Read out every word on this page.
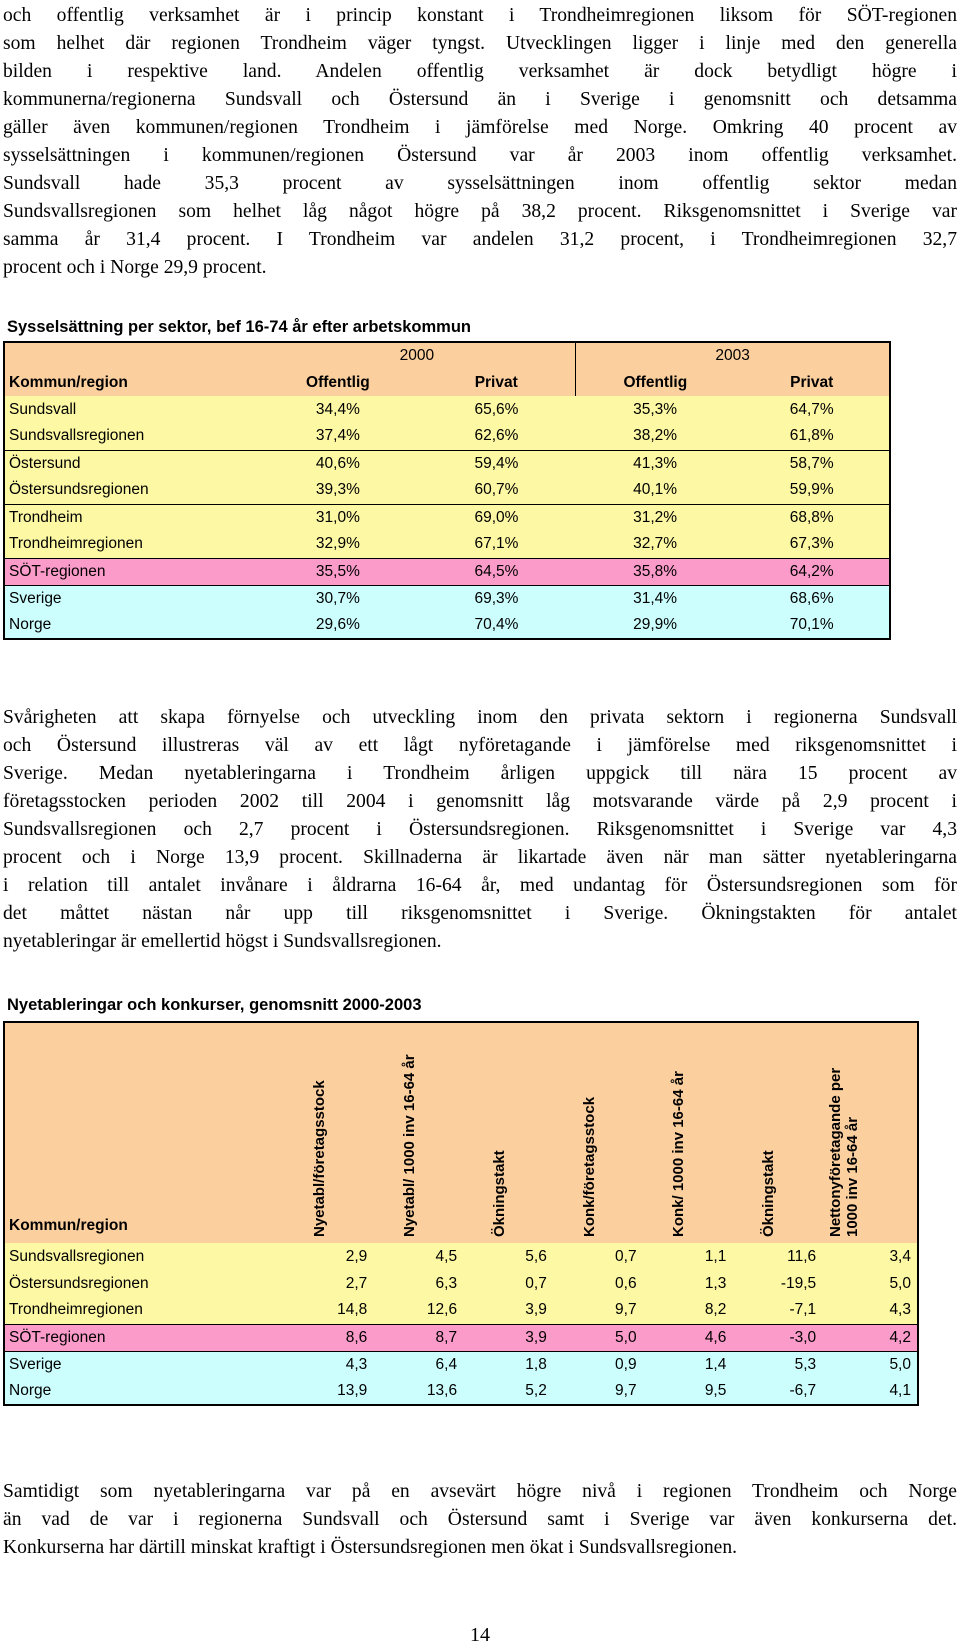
och offentlig verksamhet är i princip konstant i Trondheimregionen liksom för SÖT-regionen
som helhet där regionen Trondheim väger tyngst. Utvecklingen ligger i linje med den generella
bilden i respektive land. Andelen offentlig verksamhet är dock betydligt högre i
kommunerna/regionerna Sundsvall och Östersund än i Sverige i genomsnitt och detsamma
gäller även kommunen/regionen Trondheim i jämförelse med Norge. Omkring 40 procent av
sysselsättningen i kommunen/regionen Östersund var år 2003 inom offentlig verksamhet.
Sundsvall hade 35,3 procent av sysselsättningen inom offentlig sektor medan
Sundsvallsregionen som helhet låg något högre på 38,2 procent. Riksgenomsnittet i Sverige var
samma år 31,4 procent. I Trondheim var andelen 31,2 procent, i Trondheimregionen 32,7
procent och i Norge 29,9 procent.
Sysselsättning per sektor, bef 16-74 år efter arbetskommun
	2000		2003	
Kommun/region	Offentlig	Privat	Offentlig	Privat
Sundsvall	34,4%	65,6%	35,3%	64,7%
Sundsvallsregionen	37,4%	62,6%	38,2%	61,8%
Östersund	40,6%	59,4%	41,3%	58,7%
Östersundsregionen	39,3%	60,7%	40,1%	59,9%
Trondheim	31,0%	69,0%	31,2%	68,8%
Trondheimregionen	32,9%	67,1%	32,7%	67,3%
SÖT-regionen	35,5%	64,5%	35,8%	64,2%
Sverige	30,7%	69,3%	31,4%	68,6%
Norge	29,6%	70,4%	29,9%	70,1%
Svårigheten att skapa förnyelse och utveckling inom den privata sektorn i regionerna Sundsvall
och Östersund illustreras väl av ett lågt nyföretagande i jämförelse med riksgenomsnittet i
Sverige. Medan nyetableringarna i Trondheim årligen uppgick till nära 15 procent av
företagsstocken perioden 2002 till 2004 i genomsnitt låg motsvarande värde på 2,9 procent i
Sundsvallsregionen och 2,7 procent i Östersundsregionen. Riksgenomsnittet i Sverige var 4,3
procent och i Norge 13,9 procent. Skillnaderna är likartade även när man sätter nyetableringarna
i relation till antalet invånare i åldrarna 16-64 år, med undantag för Östersundsregionen som för
det måttet nästan når upp till riksgenomsnittet i Sverige. Ökningstakten för antalet
nyetableringar är emellertid högst i Sundsvallsregionen.
Nyetableringar och konkurser, genomsnitt 2000-2003
Kommun/region	Nyetabl/företagsstock	Nyetabl/ 1000 inv 16-64 år	Ökningstakt	Konk/företagsstock	Konk/ 1000 inv 16-64 år	Ökningstakt	Nettonyföretagande per 1000 inv 16-64 år

Sundsvallsregionen	2,9	4,5	5,6	0,7	1,1	11,6	3,4
Östersundsregionen	2,7	6,3	0,7	0,6	1,3	-19,5	5,0
Trondheimregionen	14,8	12,6	3,9	9,7	8,2	-7,1	4,3
SÖT-regionen	8,6	8,7	3,9	5,0	4,6	-3,0	4,2
Sverige	4,3	6,4	1,8	0,9	1,4	5,3	5,0
Norge	13,9	13,6	5,2	9,7	9,5	-6,7	4,1
Samtidigt som nyetableringarna var på en avsevärt högre nivå i regionen Trondheim och Norge
än vad de var i regionerna Sundsvall och Östersund samt i Sverige var även konkurserna det.
Konkurserna har därtill minskat kraftigt i Östersundsregionen men ökat i Sundsvallsregionen.
14
